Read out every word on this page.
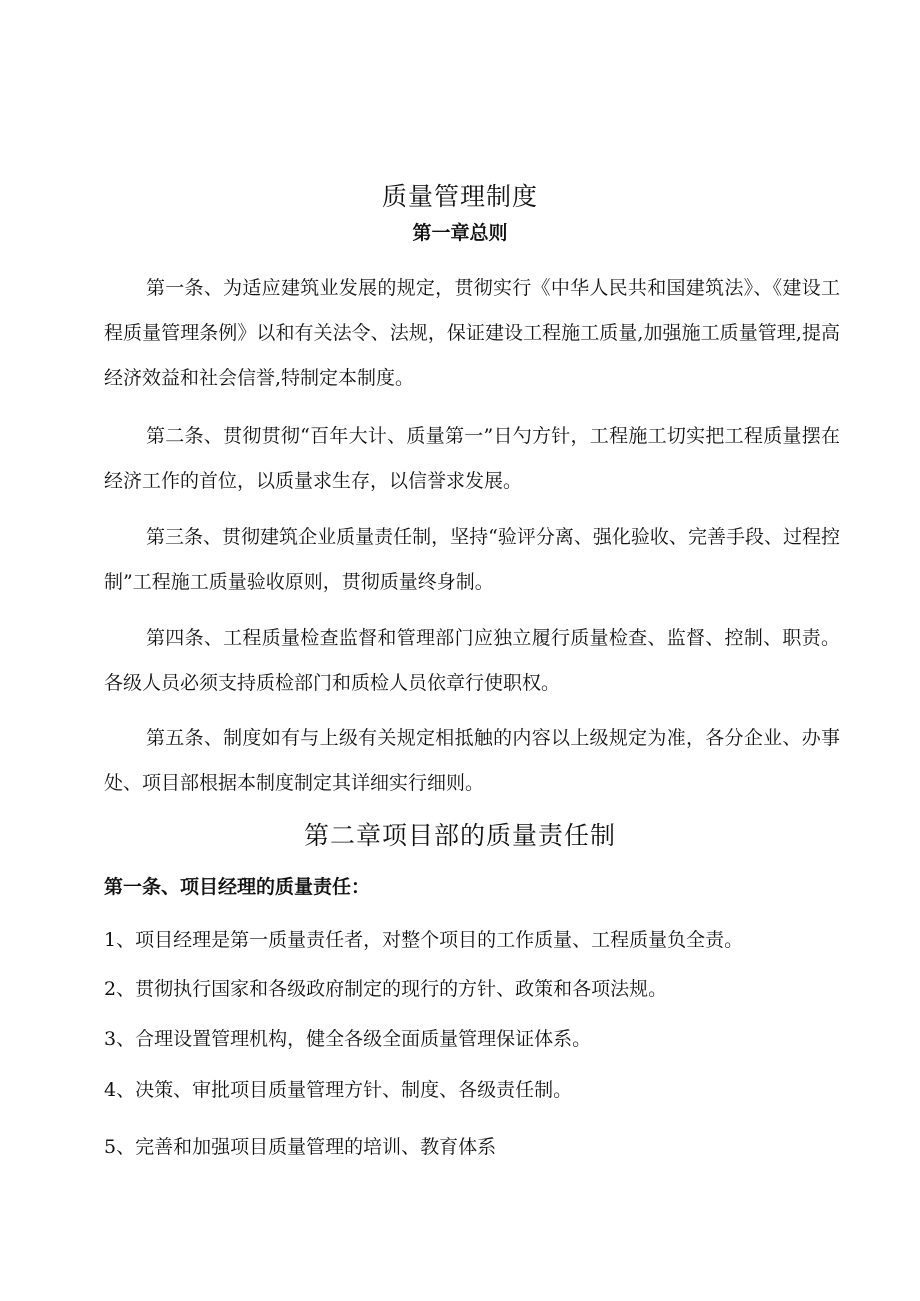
质量管理制度
第一章总则

第一条、为适应建筑业发展的规定，贯彻实行《中华人民共和国建筑法》、《建设工程质量管理条例》以和有关法令、法规，保证建设工程施工质量,加强施工质量管理,提高经济效益和社会信誉,特制定本制度。

第二条、贯彻贯彻“百年大计、质量第一”日勺方针，工程施工切实把工程质量摆在经济工作的首位，以质量求生存，以信誉求发展。

第三条、贯彻建筑企业质量责任制，坚持“验评分离、强化验收、完善手段、过程控制”工程施工质量验收原则，贯彻质量终身制。

第四条、工程质量检查监督和管理部门应独立履行质量检查、监督、控制、职责。各级人员必须支持质检部门和质检人员依章行使职权。

第五条、制度如有与上级有关规定相抵触的内容以上级规定为准，各分企业、办事处、项目部根据本制度制定其详细实行细则。

第二章项目部的质量责任制

第一条、项目经理的质量责任：

1、项目经理是第一质量责任者，对整个项目的工作质量、工程质量负全责。

2、贯彻执行国家和各级政府制定的现行的方针、政策和各项法规。

3、合理设置管理机构，健全各级全面质量管理保证体系。

4、决策、审批项目质量管理方针、制度、各级责任制。

5、完善和加强项目质量管理的培训、教育体系
